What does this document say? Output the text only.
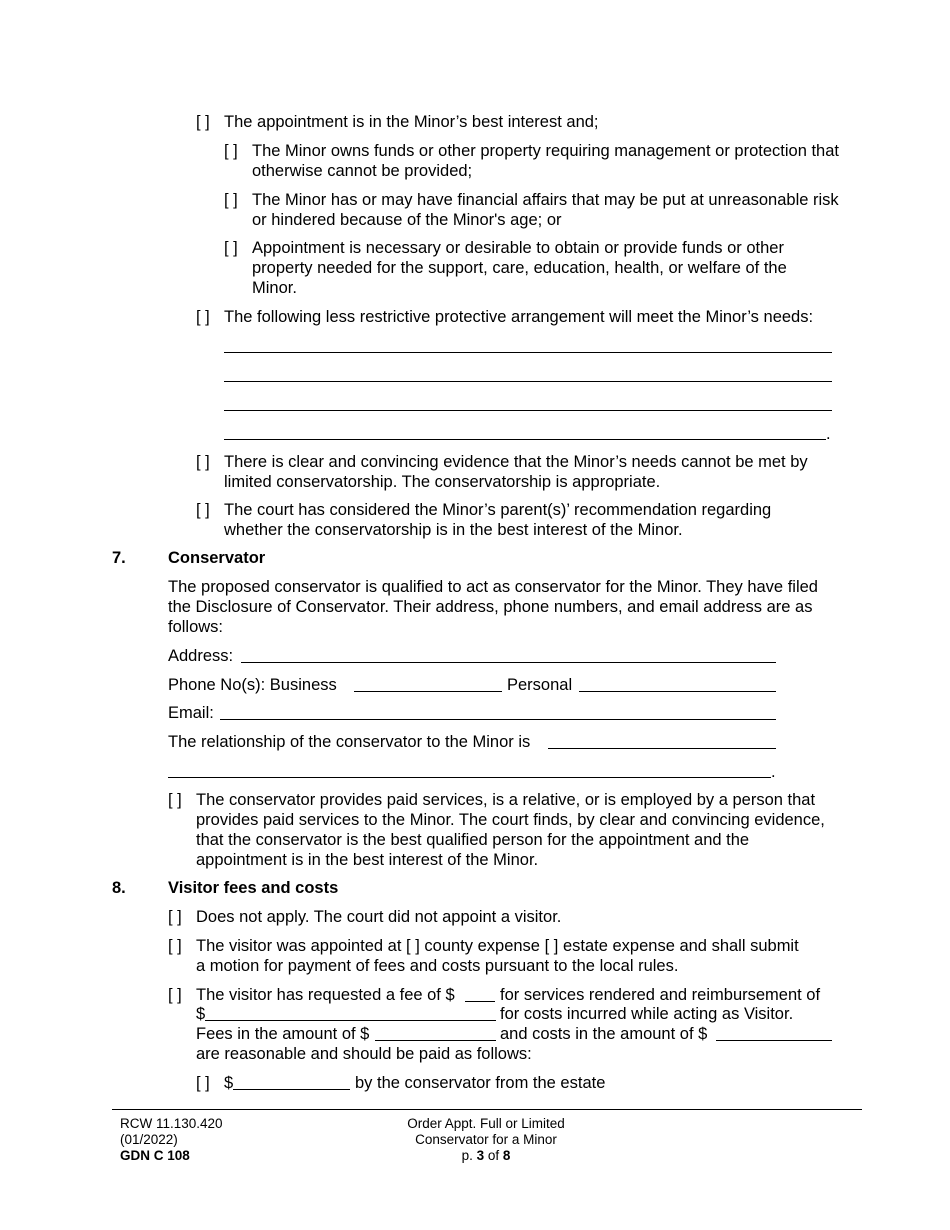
[ ] The appointment is in the Minor’s best interest and;
[ ] The Minor owns funds or other property requiring management or protection that otherwise cannot be provided;
[ ] The Minor has or may have financial affairs that may be put at unreasonable risk or hindered because of the Minor's age; or
[ ] Appointment is necessary or desirable to obtain or provide funds or other property needed for the support, care, education, health, or welfare of the Minor.
[ ] The following less restrictive protective arrangement will meet the Minor’s needs:
.
[ ] There is clear and convincing evidence that the Minor’s needs cannot be met by limited conservatorship. The conservatorship is appropriate.
[ ] The court has considered the Minor’s parent(s)’ recommendation regarding whether the conservatorship is in the best interest of the Minor.
7.	Conservator
The proposed conservator is qualified to act as conservator for the Minor. They have filed the Disclosure of Conservator. Their address, phone numbers, and email address are as follows:
Address:
Phone No(s): Business	Personal
Email:
The relationship of the conservator to the Minor is
.
[ ] The conservator provides paid services, is a relative, or is employed by a person that provides paid services to the Minor. The court finds, by clear and convincing evidence, that the conservator is the best qualified person for the appointment and the appointment is in the best interest of the Minor.
8.	Visitor fees and costs
[ ] Does not apply. The court did not appoint a visitor.
[ ] The visitor was appointed at [ ] county expense [ ] estate expense and shall submit
a motion for payment of fees and costs pursuant to the local rules.
[ ] The visitor has requested a fee of $	for services rendered and reimbursement of
$	for costs incurred while acting as Visitor.
Fees in the amount of $	and costs in the amount of $
are reasonable and should be paid as follows:
[ ] $	by the conservator from the estate
RCW 11.130.420
(01/2022)
GDN C 108
Order Appt. Full or Limited
Conservator for a Minor
p. 3 of 8
